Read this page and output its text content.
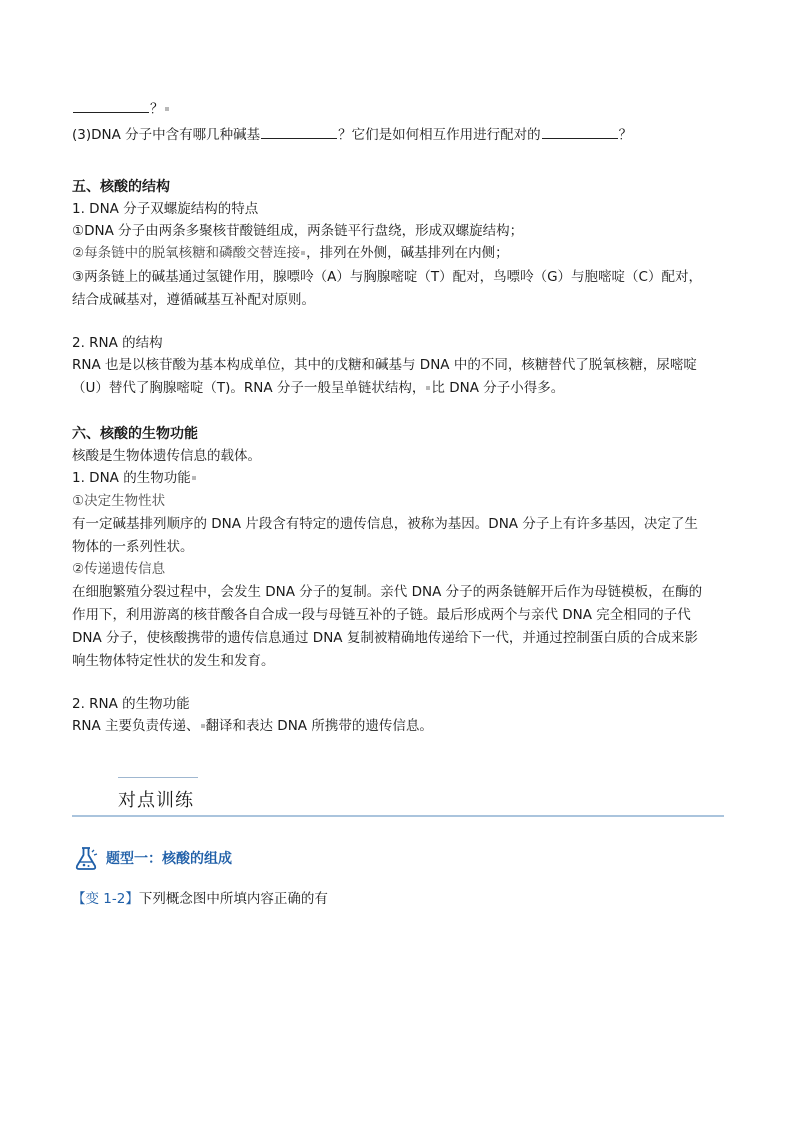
？
(3)DNA 分子中含有哪几种碱基	？它们是如何相互作用进行配对的	？
五、核酸的结构
1. DNA 分子双螺旋结构的特点
①DNA 分子由两条多聚核苷酸链组成，两条链平行盘绕，形成双螺旋结构；
②每条链中的脱氧核糖和磷酸交替连接 ，排列在外侧，碱基排列在内侧；
③两条链上的碱基通过氢键作用，腺嘌呤（A）与胸腺嘧啶（T）配对，鸟嘌呤（G）与胞嘧啶（C）配对，
结合成碱基对，遵循碱基互补配对原则。
2. RNA 的结构
RNA 也是以核苷酸为基本构成单位，其中的戊糖和碱基与 DNA 中的不同，核糖替代了脱氧核糖，尿嘧啶
（U）替代了胸腺嘧啶（T)。RNA 分子一般呈单链状结构， 比 DNA 分子小得多。
六、核酸的生物功能
核酸是生物体遗传信息的载体。
1. DNA 的生物功能
①决定生物性状
有一定碱基排列顺序的 DNA 片段含有特定的遗传信息，被称为基因。DNA 分子上有许多基因，决定了生
物体的一系列性状。
②传递遗传信息
在细胞繁殖分裂过程中，会发生 DNA 分子的复制。亲代 DNA 分子的两条链解开后作为母链模板，在酶的
作用下，利用游离的核苷酸各自合成一段与母链互补的子链。最后形成两个与亲代 DNA 完全相同的子代
DNA 分子，使核酸携带的遗传信息通过 DNA 复制被精确地传递给下一代，并通过控制蛋白质的合成来影
响生物体特定性状的发生和发育。
2. RNA 的生物功能
RNA 主要负责传递、 翻译和表达 DNA 所携带的遗传信息。
对点训练
题型一：核酸的组成
【变 1-2】下列概念图中所填内容正确的有
